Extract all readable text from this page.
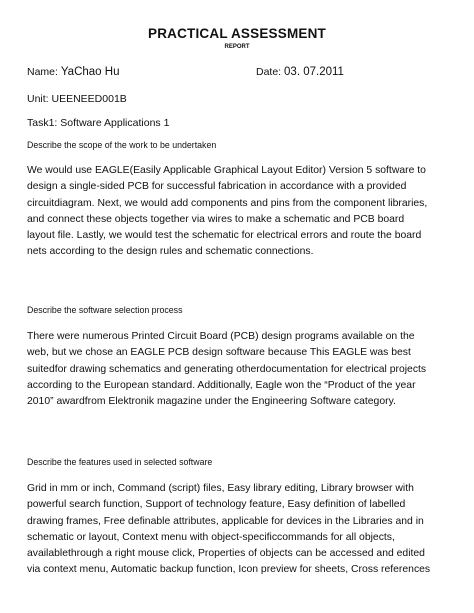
PRACTICAL ASSESSMENT
REPORT
Name: YaChao Hu	Date: 03. 07.2011
Unit: UEENEED001B
Task1: Software Applications 1
Describe the scope of the work to be undertaken
We would use EAGLE(Easily Applicable Graphical Layout Editor) Version 5 software to
design a single-sided PCB for successful fabrication in accordance with a provided
circuitdiagram. Next, we would add components and pins from the component libraries,
and connect these objects together via wires to make a schematic and PCB board
layout file. Lastly, we would test the schematic for electrical errors and route the board
nets according to the design rules and schematic connections.
Describe the software selection process
There were numerous Printed Circuit Board (PCB) design programs available on the
web, but we chose an EAGLE PCB design software because This EAGLE was best
suitedfor drawing schematics and generating otherdocumentation for electrical projects
according to the European standard. Additionally, Eagle won the “Product of the year
2010” awardfrom Elektronik magazine under the Engineering Software category.
Describe the features used in selected software
Grid in mm or inch, Command (script) files, Easy library editing, Library browser with
powerful search function, Support of technology feature, Easy definition of labelled
drawing frames, Free definable attributes, applicable for devices in the Libraries and in
schematic or layout, Context menu with object-specificcommands for all objects,
availablethrough a right mouse click, Properties of objects can be accessed and edited
via context menu, Automatic backup function, Icon preview for sheets, Cross references
